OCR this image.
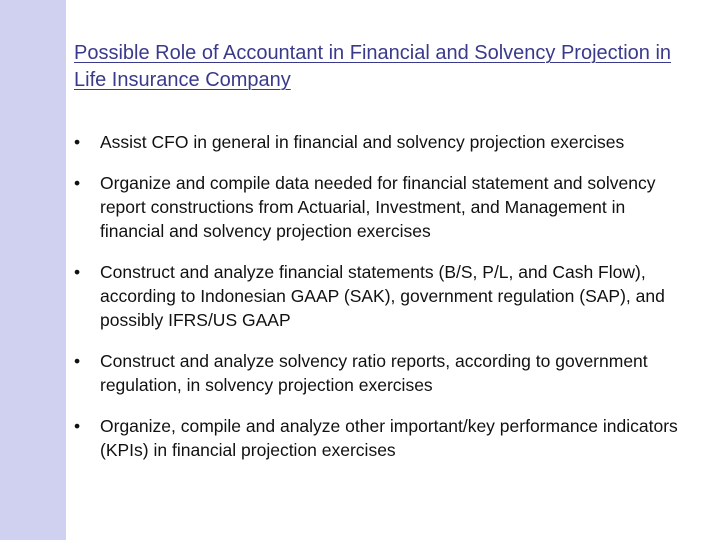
Possible Role of Accountant in Financial and Solvency Projection in Life Insurance Company
• Assist CFO in general in financial and solvency projection exercises
• Organize and compile data needed for financial statement and solvency report constructions from Actuarial, Investment, and Management in financial and solvency projection exercises
• Construct and analyze financial statements (B/S, P/L, and Cash Flow), according to Indonesian GAAP (SAK), government regulation (SAP), and possibly IFRS/US GAAP
• Construct and analyze solvency ratio reports, according to government regulation, in solvency projection exercises
• Organize, compile and analyze other important/key performance indicators (KPIs) in financial projection exercises
